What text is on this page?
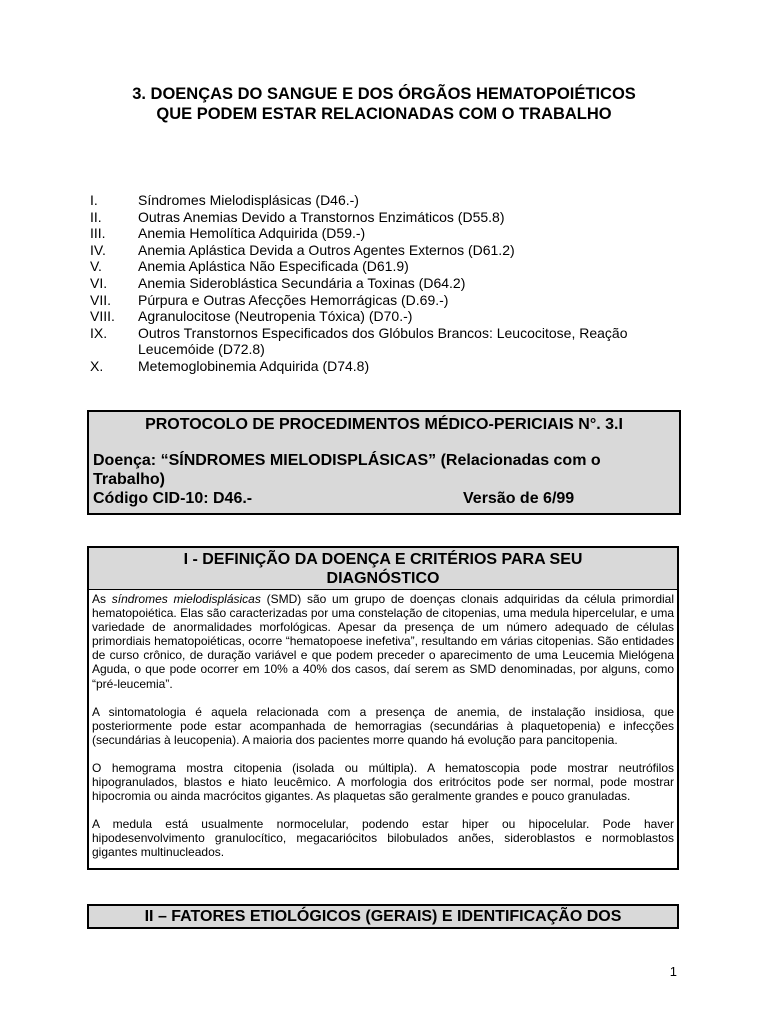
3. DOENÇAS DO SANGUE E DOS ÓRGÃOS HEMATOPOIÉTICOS
QUE PODEM ESTAR RELACIONADAS COM O TRABALHO
I.	Síndromes Mielodisplásicas (D46.-)
II.	Outras Anemias Devido a Transtornos Enzimáticos (D55.8)
III.	Anemia Hemolítica Adquirida (D59.-)
IV.	Anemia Aplástica Devida a Outros Agentes Externos (D61.2)
V.	Anemia Aplástica Não Especificada (D61.9)
VI.	Anemia Sideroblástica Secundária a Toxinas (D64.2)
VII.	Púrpura e Outras Afecções Hemorrágicas (D.69.-)
VIII.	Agranulocitose (Neutropenia Tóxica) (D70.-)
IX.	Outros Transtornos Especificados dos Glóbulos Brancos: Leucocitose, Reação Leucemóide (D72.8)
X.	Metemoglobinemia Adquirida (D74.8)
PROTOCOLO DE PROCEDIMENTOS MÉDICO-PERICIAIS N°. 3.I
Doença: “SÍNDROMES MIELODISPLÁSICAS” (Relacionadas com o Trabalho)
Código CID-10: D46.-	Versão de 6/99
I - DEFINIÇÃO DA DOENÇA E CRITÉRIOS PARA SEU
DIAGNÓSTICO

As síndromes mielodisplásicas (SMD) são um grupo de doenças clonais adquiridas da célula primordial hematopoiética. Elas são caracterizadas por uma constelação de citopenias, uma medula hipercelular, e uma variedade de anormalidades morfológicas. Apesar da presença de um número adequado de células primordiais hematopoiéticas, ocorre “hematopoese inefetiva”, resultando em várias citopenias. São entidades de curso crônico, de duração variável e que podem preceder o aparecimento de uma Leucemia Mielógena Aguda, o que pode ocorrer em 10% a 40% dos casos, daí serem as SMD denominadas, por alguns, como “pré-leucemia”.

A sintomatologia é aquela relacionada com a presença de anemia, de instalação insidiosa, que posteriormente pode estar acompanhada de hemorragias (secundárias à plaquetopenia) e infecções (secundárias à leucopenia). A maioria dos pacientes morre quando há evolução para pancitopenia.

O hemograma mostra citopenia (isolada ou múltipla). A hematoscopia pode mostrar neutrófilos hipogranulados, blastos e hiato leucêmico. A morfologia dos eritrócitos pode ser normal, pode mostrar hipocromia ou ainda macrócitos gigantes. As plaquetas são geralmente grandes e pouco granuladas.

A medula está usualmente normocelular, podendo estar hiper ou hipocelular. Pode haver hipodesenvolvimento granulocítico, megacariócitos bilobulados anões, sideroblastos e normoblastos gigantes multinucleados.

II – FATORES ETIOLÓGICOS (GERAIS) E IDENTIFICAÇÃO DOS
1
